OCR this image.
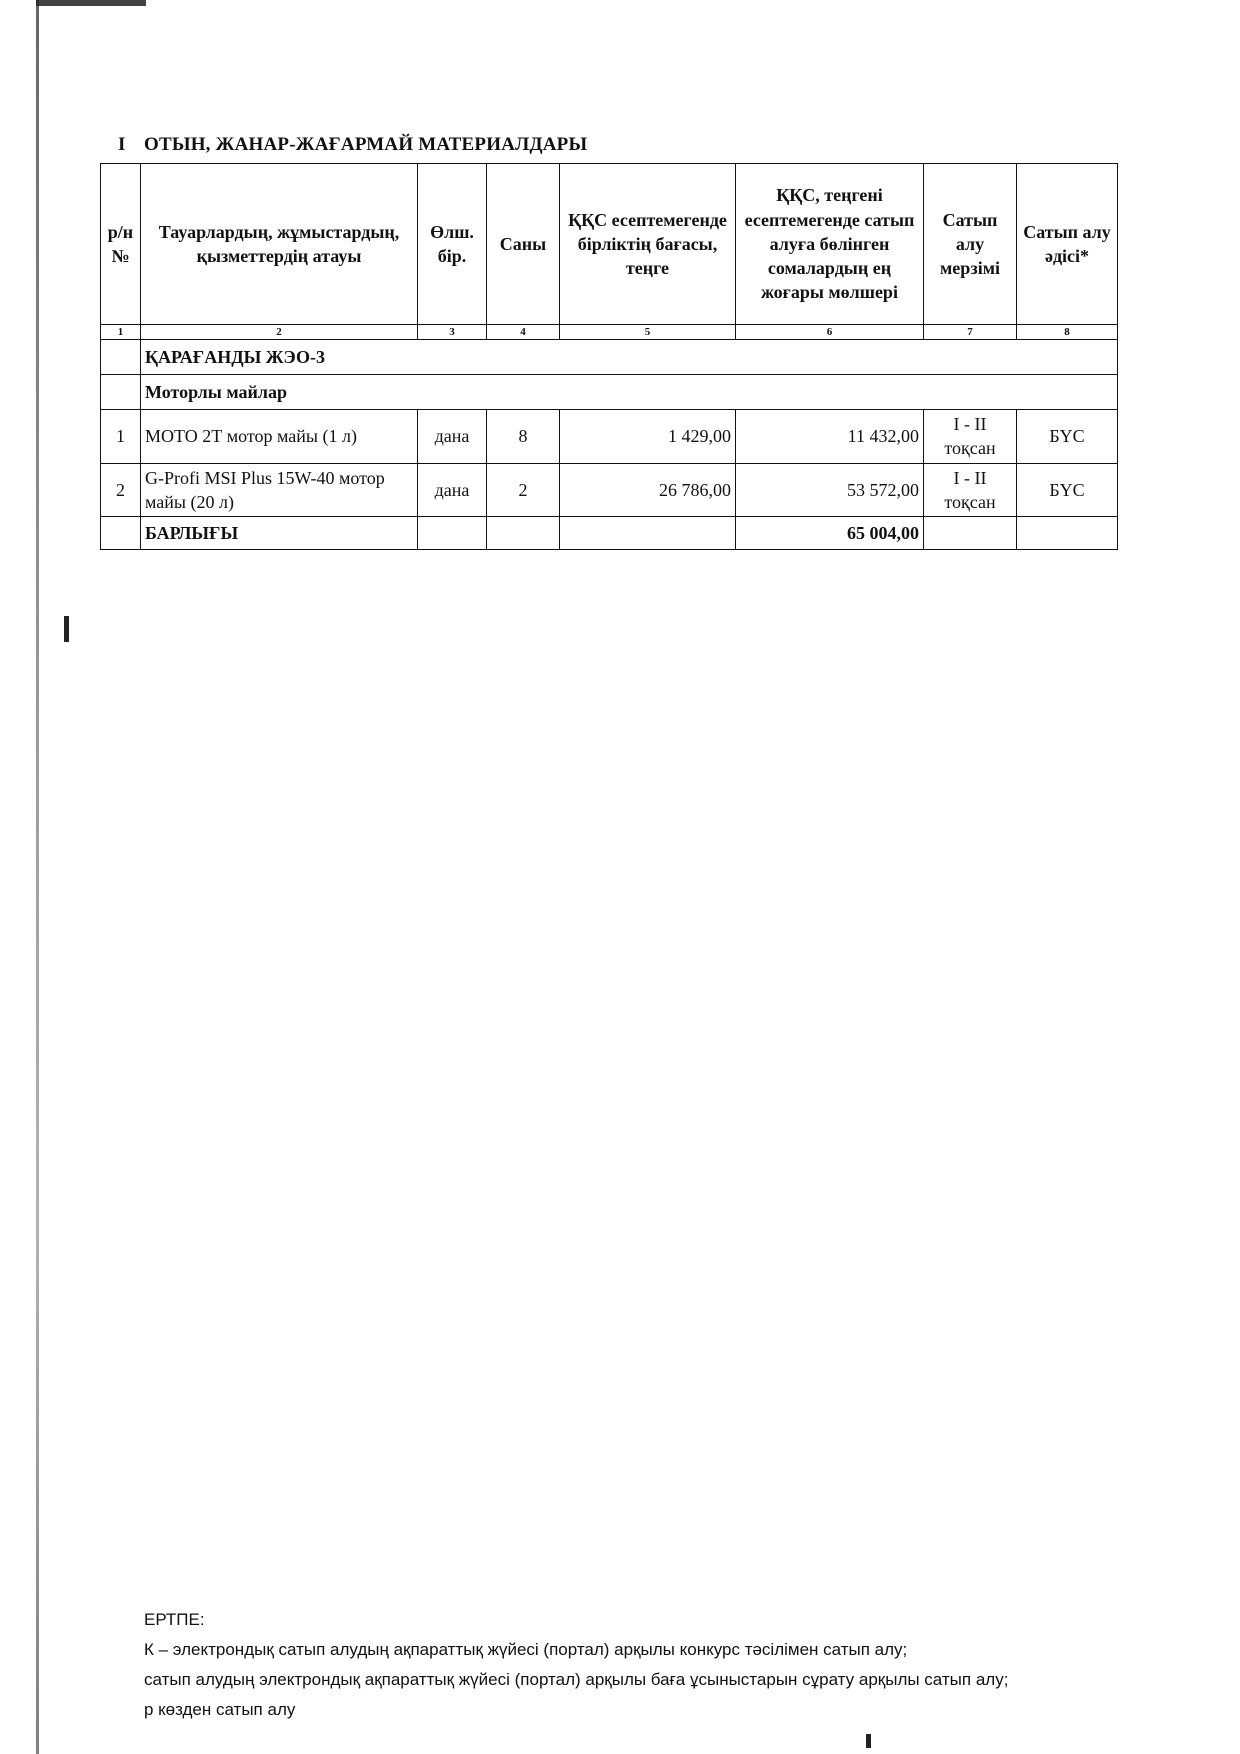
I ОТЫН, ЖАНАР-ЖАҒАРМАЙ МАТЕРИАЛДАРЫ
р/н №	Тауарлардың, жұмыстардың, қызметтердің атауы	Өлш. бір.	Саны	ҚҚС есептемегенде бірліктің бағасы, теңге	ҚҚС, теңгені есептемегенде сатып алуға бөлінген сомалардың ең жоғары мөлшері	Сатып алу мерзімі	Сатып алу әдісі*
1	2	3	4	5	6	7	8
	ҚАРАҒАНДЫ ЖЭО-3						
	Моторлы майлар						
1	МОТО 2Т мотор майы (1 л)	дана	8	1 429,00	11 432,00	I - II тоқсан	БҮС
2	G-Profi MSI Plus 15W-40 мотор майы (20 л)	дана	2	26 786,00	53 572,00	I - II тоқсан	БҮС
	БАРЛЫҒЫ				65 004,00		
ЕРТПЕ:
К – электрондық сатып алудың ақпараттық жүйесі (портал) арқылы конкурс тәсілімен сатып алу;
сатып алудың электрондық ақпараттық жүйесі (портал) арқылы баға ұсыныстарын сұрату арқылы сатып алу;
р көзден сатып алу
